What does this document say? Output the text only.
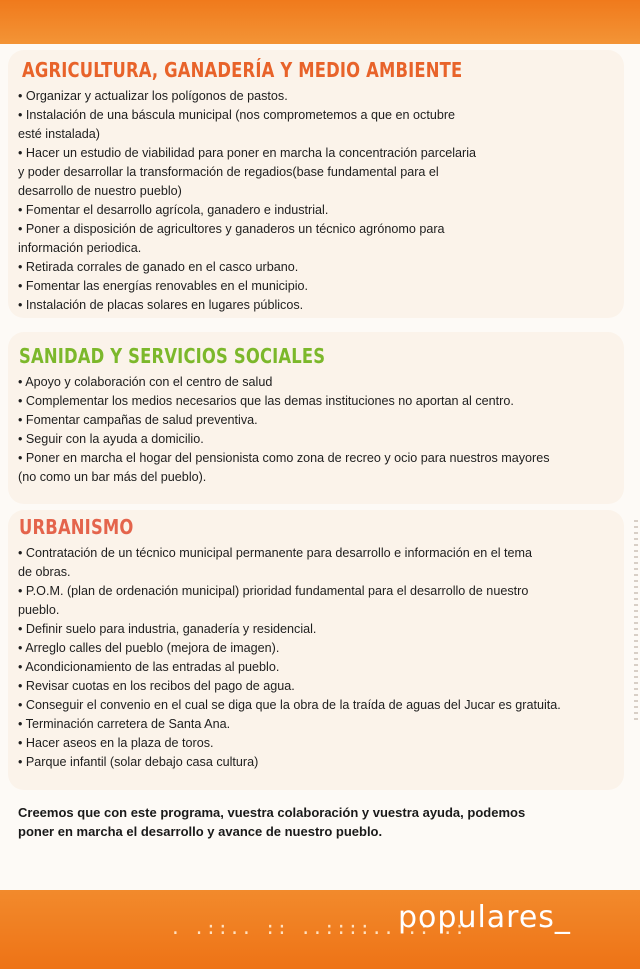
AGRICULTURA, GANADERÍA Y MEDIO AMBIENTE
• Organizar y actualizar los polígonos de pastos.
• Instalación de una báscula municipal (nos comprometemos a que en octubre
esté instalada)
• Hacer un estudio de viabilidad para poner en marcha la concentración parcelaria
y poder desarrollar la transformación de regadios(base fundamental para el
desarrollo de nuestro pueblo)
• Fomentar el desarrollo agrícola, ganadero e industrial.
• Poner a disposición de agricultores y ganaderos un técnico agrónomo para
información periodica.
• Retirada corrales de ganado en el casco urbano.
• Fomentar las energías renovables en el municipio.
• Instalación de placas solares en lugares públicos.
SANIDAD Y SERVICIOS SOCIALES
• Apoyo y colaboración con el centro de salud
• Complementar los medios necesarios que las demas instituciones no aportan al centro.
• Fomentar campañas de salud preventiva.
• Seguir con la ayuda a domicilio.
• Poner en marcha el hogar del pensionista como zona de recreo y ocio para nuestros mayores
(no como un bar más del pueblo).
URBANISMO
• Contratación de un técnico municipal permanente para desarrollo e información en el tema
de obras.
• P.O.M. (plan de ordenación municipal) prioridad fundamental para el desarrollo de nuestro
pueblo.
• Definir suelo para industria, ganadería y residencial.
• Arreglo calles del pueblo (mejora de imagen).
• Acondicionamiento de las entradas al pueblo.
• Revisar cuotas en los recibos del pago de agua.
• Conseguir el convenio en el cual se diga que la obra de la traída de aguas del Jucar es gratuita.
• Terminación carretera de Santa Ana.
• Hacer aseos en la plaza de toros.
• Parque infantil (solar debajo casa cultura)
Creemos que con este programa, vuestra colaboración y vuestra ayuda, podemos
poner en marcha el desarrollo y avance de nuestro pueblo.
. .::.. :: ..::::.. .: ::
populares_
